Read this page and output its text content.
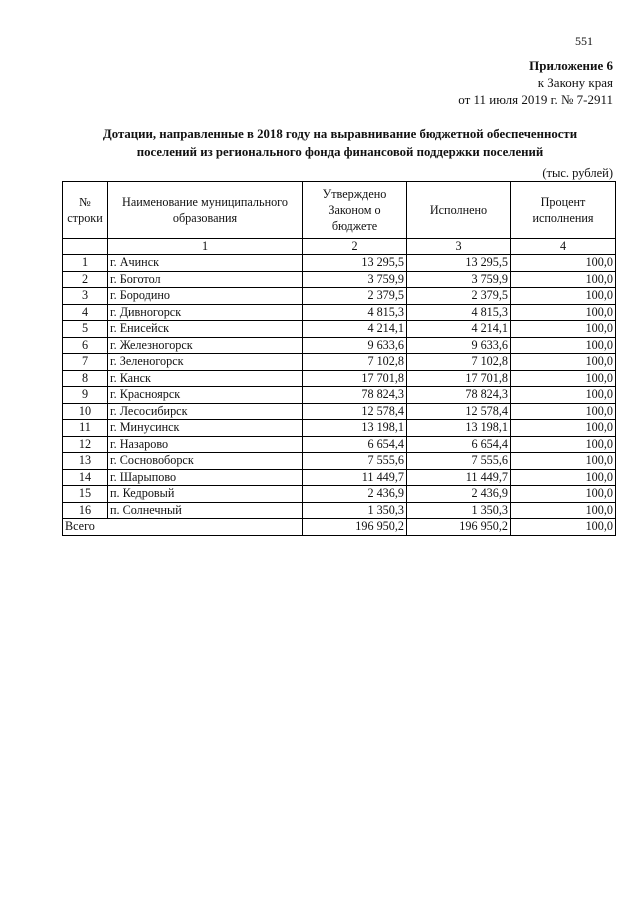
551
Приложение 6
к Закону края
от 11 июля 2019 г. № 7-2911
Дотации, направленные в 2018 году на выравнивание бюджетной обеспеченности
поселений из регионального фонда финансовой поддержки поселений
(тыс. рублей)
№ строки	Наименование муниципального образования	Утверждено Законом о бюджете	Исполнено	Процент исполнения
	1	2	3	4
1	г. Ачинск	13 295,5	13 295,5	100,0
2	г. Боготол	3 759,9	3 759,9	100,0
3	г. Бородино	2 379,5	2 379,5	100,0
4	г. Дивногорск	4 815,3	4 815,3	100,0
5	г. Енисейск	4 214,1	4 214,1	100,0
6	г. Железногорск	9 633,6	9 633,6	100,0
7	г. Зеленогорск	7 102,8	7 102,8	100,0
8	г. Канск	17 701,8	17 701,8	100,0
9	г. Красноярск	78 824,3	78 824,3	100,0
10	г. Лесосибирск	12 578,4	12 578,4	100,0
11	г. Минусинск	13 198,1	13 198,1	100,0
12	г. Назарово	6 654,4	6 654,4	100,0
13	г. Сосновоборск	7 555,6	7 555,6	100,0
14	г. Шарыпово	11 449,7	11 449,7	100,0
15	п. Кедровый	2 436,9	2 436,9	100,0
16	п. Солнечный	1 350,3	1 350,3	100,0
Всего		196 950,2	196 950,2	100,0
